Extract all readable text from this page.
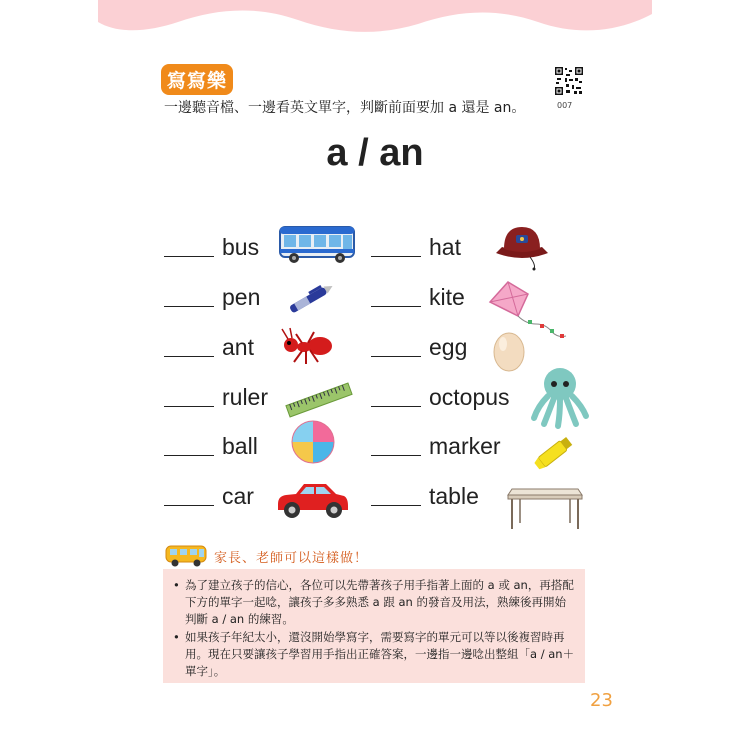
寫寫樂
007
一邊聽音檔、一邊看英文單字，判斷前面要加 a 還是 an。
a / an
bus
pen
ant
ruler
ball
car
hat
kite
egg
octopus
marker
table
家長、老師可以這樣做！
• 為了建立孩子的信心，各位可以先帶著孩子用手指著上面的 a 或 an，再搭配下方的單字一起唸，讓孩子多多熟悉 a 跟 an 的發音及用法，熟練後再開始判斷 a / an 的練習。
• 如果孩子年紀太小，還沒開始學寫字，需要寫字的單元可以等以後複習時再用。現在只要讓孩子學習用手指出正確答案，一邊指一邊唸出整組「a / an＋單字」。
23
